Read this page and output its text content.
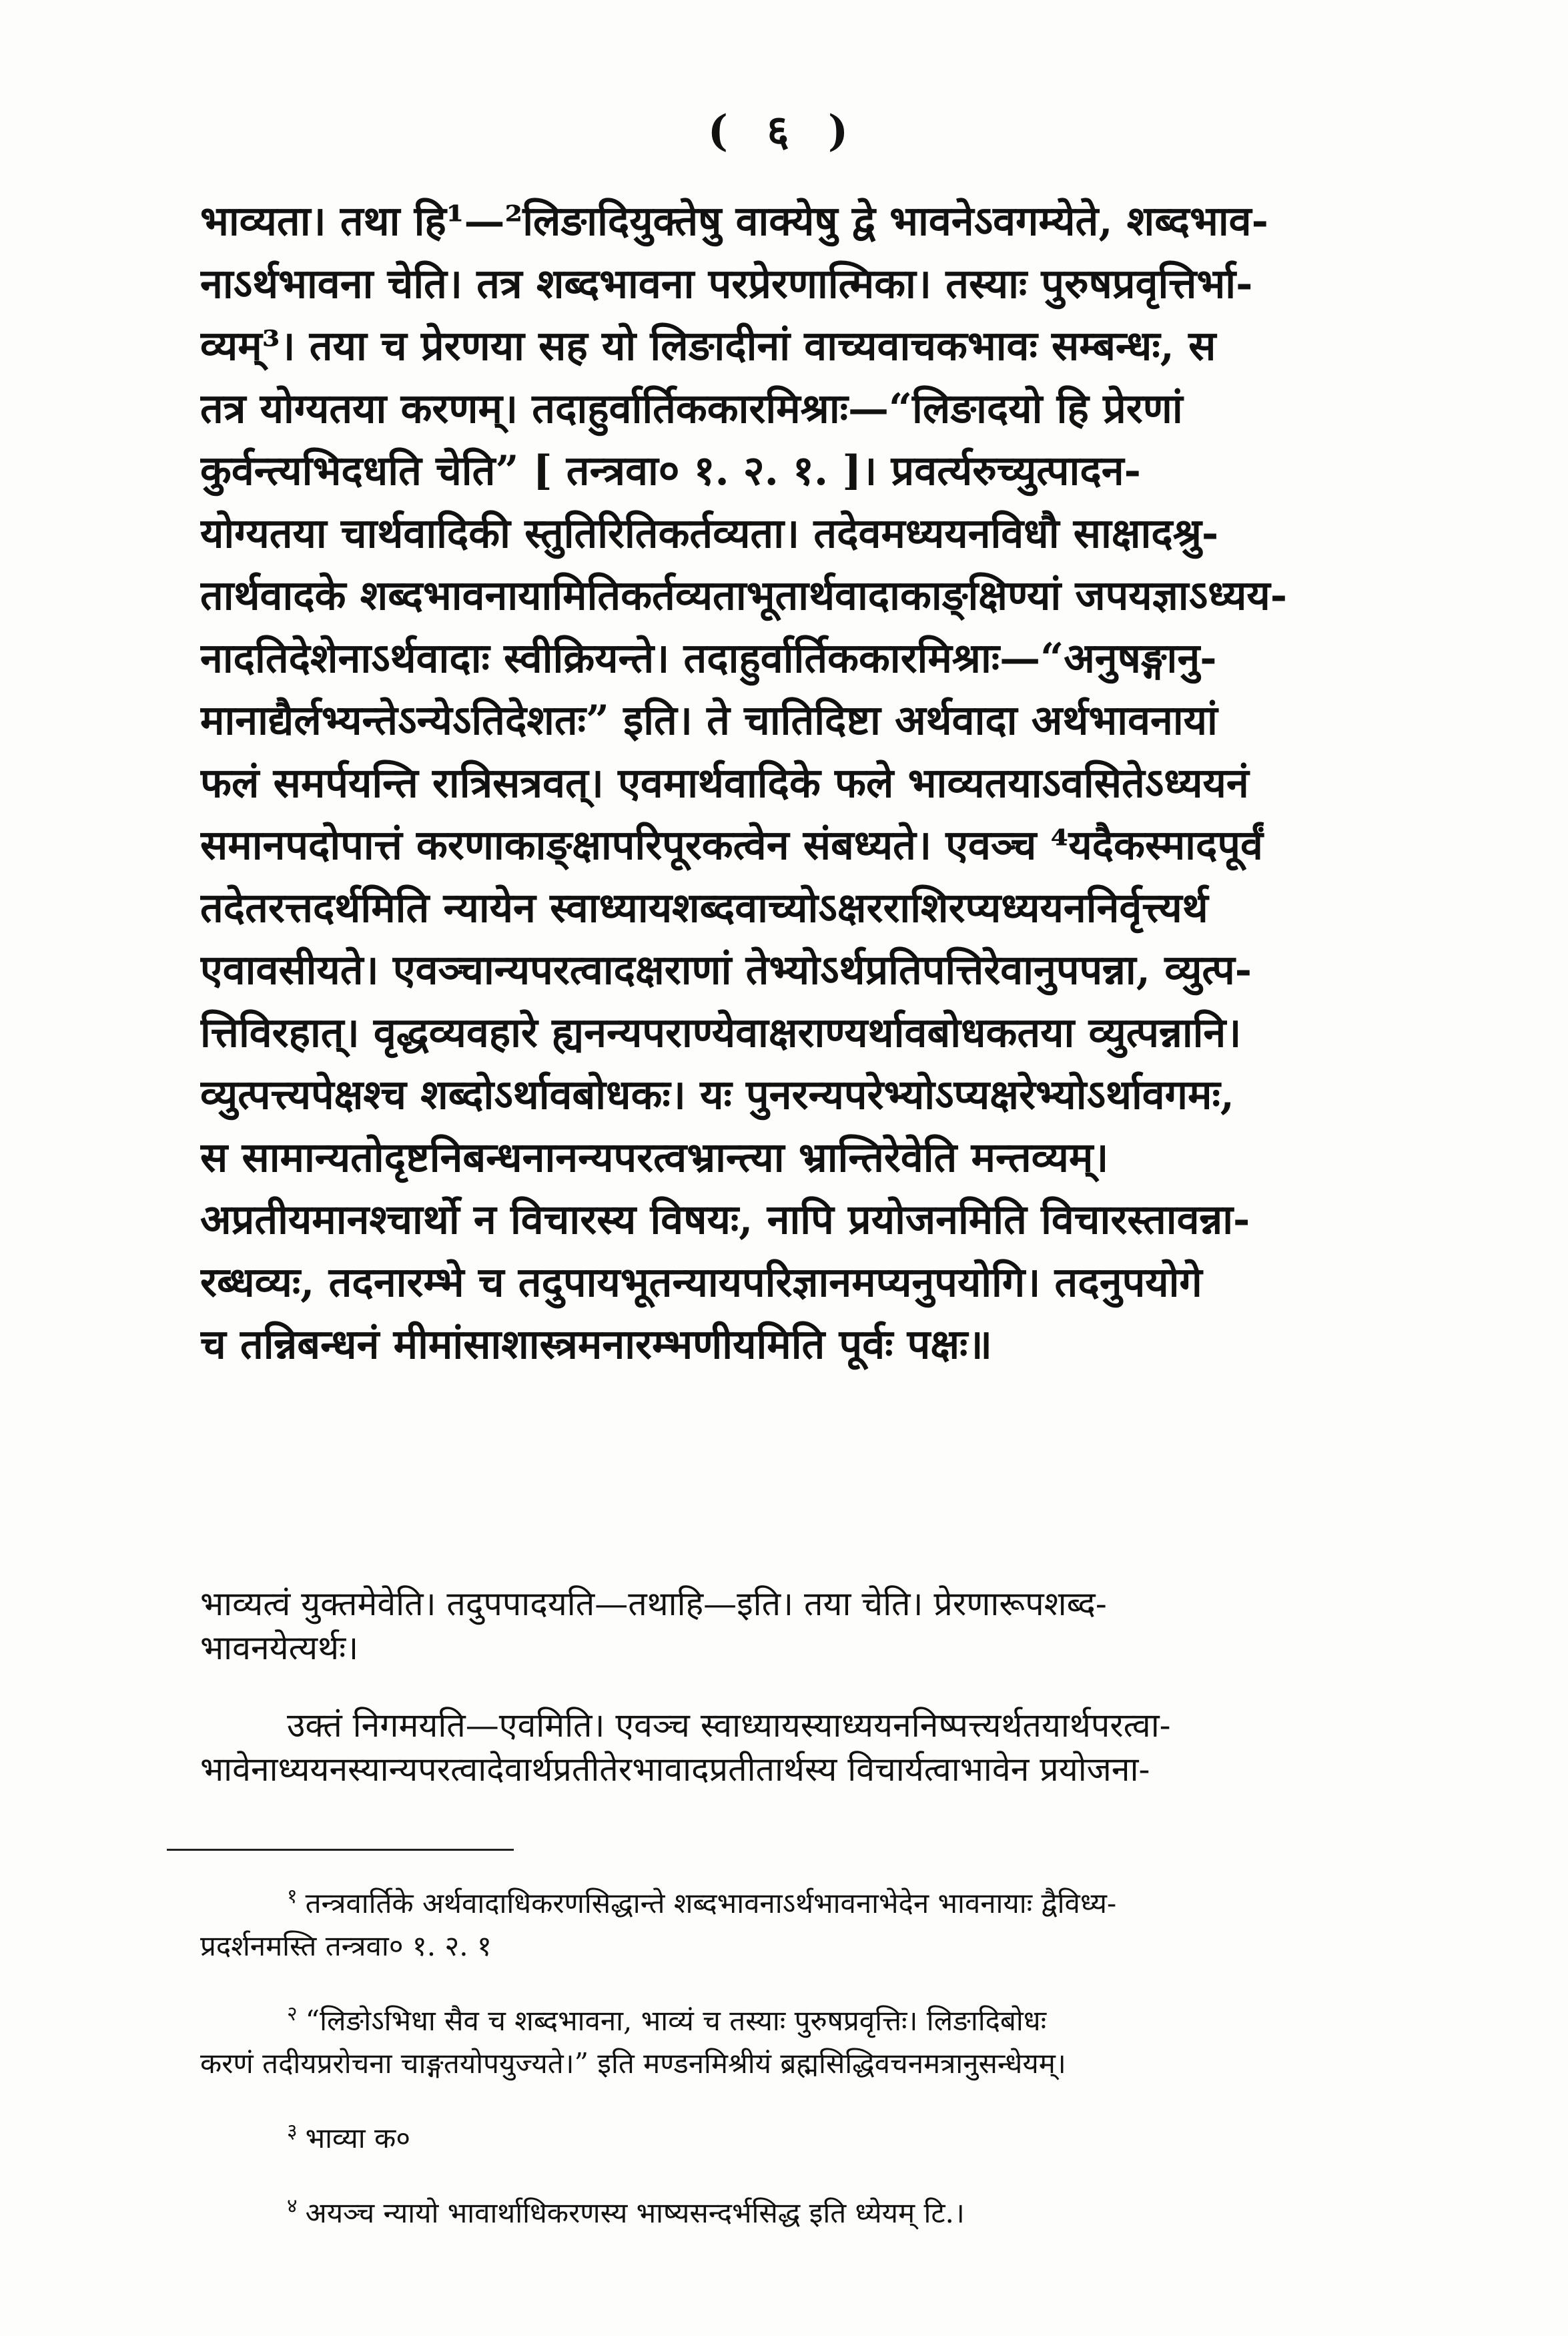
( ६ )
भाव्यता। तथा हि¹—²लिङादियुक्तेषु वाक्येषु द्वे भावनेऽवगम्येते, शब्दभाव-
नाऽर्थभावना चेति। तत्र शब्दभावना परप्रेरणात्मिका। तस्याः पुरुषप्रवृत्तिर्भा-
व्यम्³। तया च प्रेरणया सह यो लिङादीनां वाच्यवाचकभावः सम्बन्धः, स
तत्र योग्यतया करणम्। तदाहुर्वार्तिककारमिश्राः—“लिङादयो हि प्रेरणां
कुर्वन्त्यभिदधति चेति” [ तन्त्रवा० १. २. १. ]। प्रवर्त्यरुच्युत्पादन-
योग्यतया चार्थवादिकी स्तुतिरितिकर्तव्यता। तदेवमध्ययनविधौ साक्षादश्रु-
तार्थवादके शब्दभावनायामितिकर्तव्यताभूतार्थवादाकाङ्क्षिण्यां जपयज्ञाऽध्यय-
नादतिदेशेनाऽर्थवादाः स्वीक्रियन्ते। तदाहुर्वार्तिककारमिश्राः—“अनुषङ्गानु-
मानाद्यैर्लभ्यन्तेऽन्येऽतिदेशतः” इति। ते चातिदिष्टा अर्थवादा अर्थभावनायां
फलं समर्पयन्ति रात्रिसत्रवत्। एवमार्थवादिके फले भाव्यतयाऽवसितेऽध्ययनं
समानपदोपात्तं करणाकाङ्क्षापरिपूरकत्वेन संबध्यते। एवञ्च ⁴यदैकस्मादपूर्वं
तदेतरत्तदर्थमिति न्यायेन स्वाध्यायशब्दवाच्योऽक्षरराशिरप्यध्ययननिर्वृत्त्यर्थ
एवावसीयते। एवञ्चान्यपरत्वादक्षराणां तेभ्योऽर्थप्रतिपत्तिरेवानुपपन्ना, व्युत्प-
त्तिविरहात्। वृद्धव्यवहारे ह्यनन्यपराण्येवाक्षराण्यर्थावबोधकतया व्युत्पन्नानि।
व्युत्पत्त्यपेक्षश्च शब्दोऽर्थावबोधकः। यः पुनरन्यपरेभ्योऽप्यक्षरेभ्योऽर्थावगमः,
स सामान्यतोदृष्टनिबन्धनानन्यपरत्वभ्रान्त्या भ्रान्तिरेवेति मन्तव्यम्।
अप्रतीयमानश्चार्थो न विचारस्य विषयः, नापि प्रयोजनमिति विचारस्तावन्ना-
रब्धव्यः, तदनारम्भे च तदुपायभूतन्यायपरिज्ञानमप्यनुपयोगि। तदनुपयोगे
च तन्निबन्धनं मीमांसाशास्त्रमनारम्भणीयमिति पूर्वः पक्षः॥
भाव्यत्वं युक्तमेवेति। तदुपपादयति—तथाहि—इति। तया चेति। प्रेरणारूपशब्द-
भावनयेत्यर्थः।
उक्तं निगमयति—एवमिति। एवञ्च स्वाध्यायस्याध्ययननिष्पत्त्यर्थतयार्थपरत्वा-
भावेनाध्ययनस्यान्यपरत्वादेवार्थप्रतीतेरभावादप्रतीतार्थस्य विचार्यत्वाभावेन प्रयोजना-
$^१$ तन्त्रवार्तिके अर्थवादाधिकरणसिद्धान्ते शब्दभावनाऽर्थभावनाभेदेन भावनायाः द्वैविध्य-
प्रदर्शनमस्ति तन्त्रवा० १. २. १
$^२$ “लिङोऽभिधा सैव च शब्दभावना, भाव्यं च तस्याः पुरुषप्रवृत्तिः। लिङादिबोधः
करणं तदीयप्ररोचना चाङ्गतयोपयुज्यते।” इति मण्डनमिश्रीयं ब्रह्मसिद्धिवचनमत्रानुसन्धेयम्।
$^३$ भाव्या क०
$^४$ अयञ्च न्यायो भावार्थाधिकरणस्य भाष्यसन्दर्भसिद्ध इति ध्येयम् टि.।
